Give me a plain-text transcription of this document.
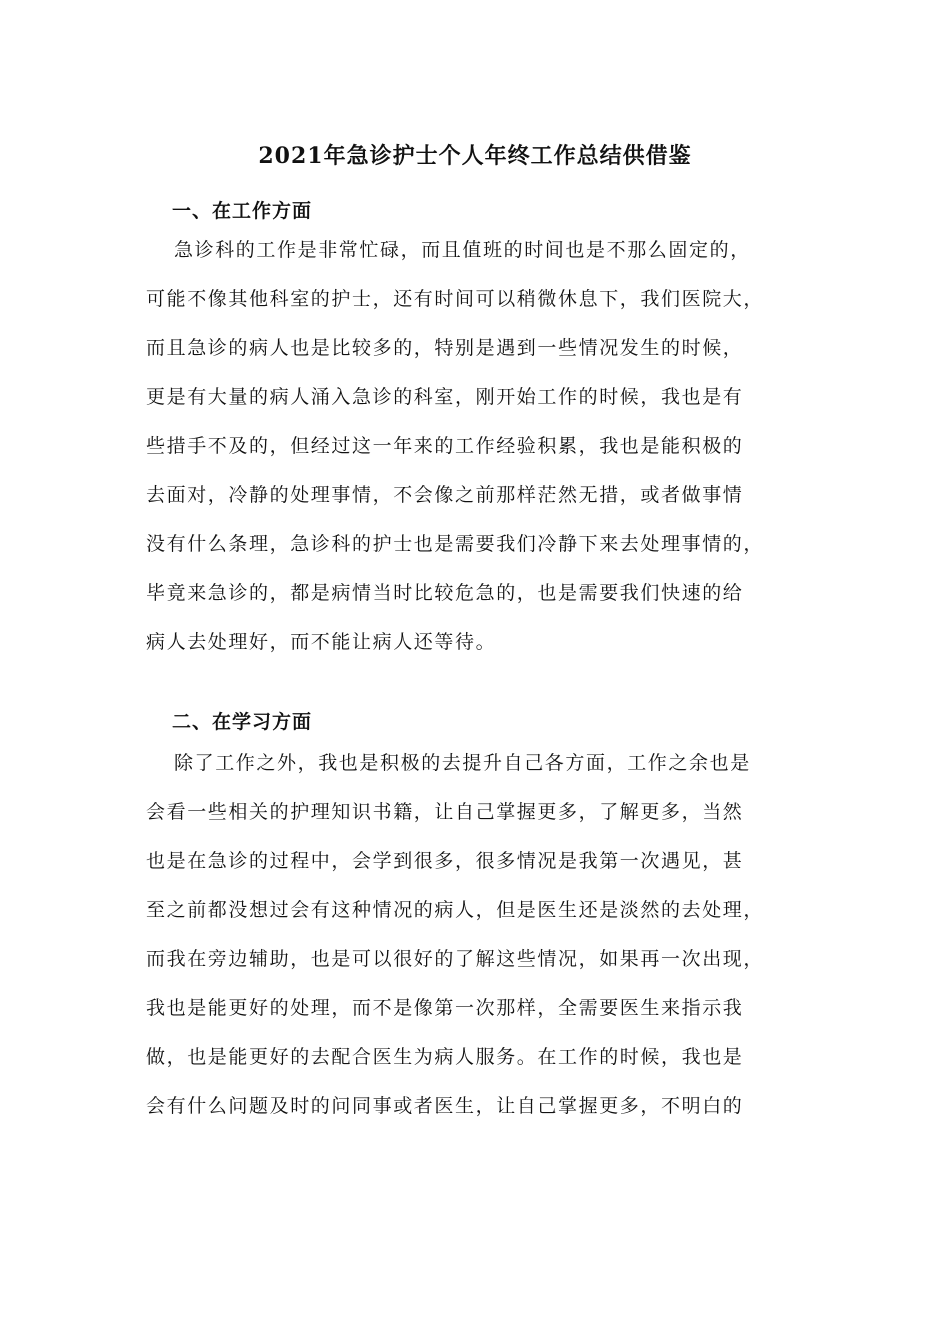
2021年急诊护士个人年终工作总结供借鉴
一、在工作方面
急诊科的工作是非常忙碌，而且值班的时间也是不那么固定的，
可能不像其他科室的护士，还有时间可以稍微休息下，我们医院大，
而且急诊的病人也是比较多的，特别是遇到一些情况发生的时候，
更是有大量的病人涌入急诊的科室，刚开始工作的时候，我也是有
些措手不及的，但经过这一年来的工作经验积累，我也是能积极的
去面对，冷静的处理事情，不会像之前那样茫然无措，或者做事情
没有什么条理，急诊科的护士也是需要我们冷静下来去处理事情的，
毕竟来急诊的，都是病情当时比较危急的，也是需要我们快速的给
病人去处理好，而不能让病人还等待。
二、在学习方面
除了工作之外，我也是积极的去提升自己各方面，工作之余也是
会看一些相关的护理知识书籍，让自己掌握更多，了解更多，当然
也是在急诊的过程中，会学到很多，很多情况是我第一次遇见，甚
至之前都没想过会有这种情况的病人，但是医生还是淡然的去处理，
而我在旁边辅助，也是可以很好的了解这些情况，如果再一次出现，
我也是能更好的处理，而不是像第一次那样，全需要医生来指示我
做，也是能更好的去配合医生为病人服务。在工作的时候，我也是
会有什么问题及时的问同事或者医生，让自己掌握更多，不明白的
